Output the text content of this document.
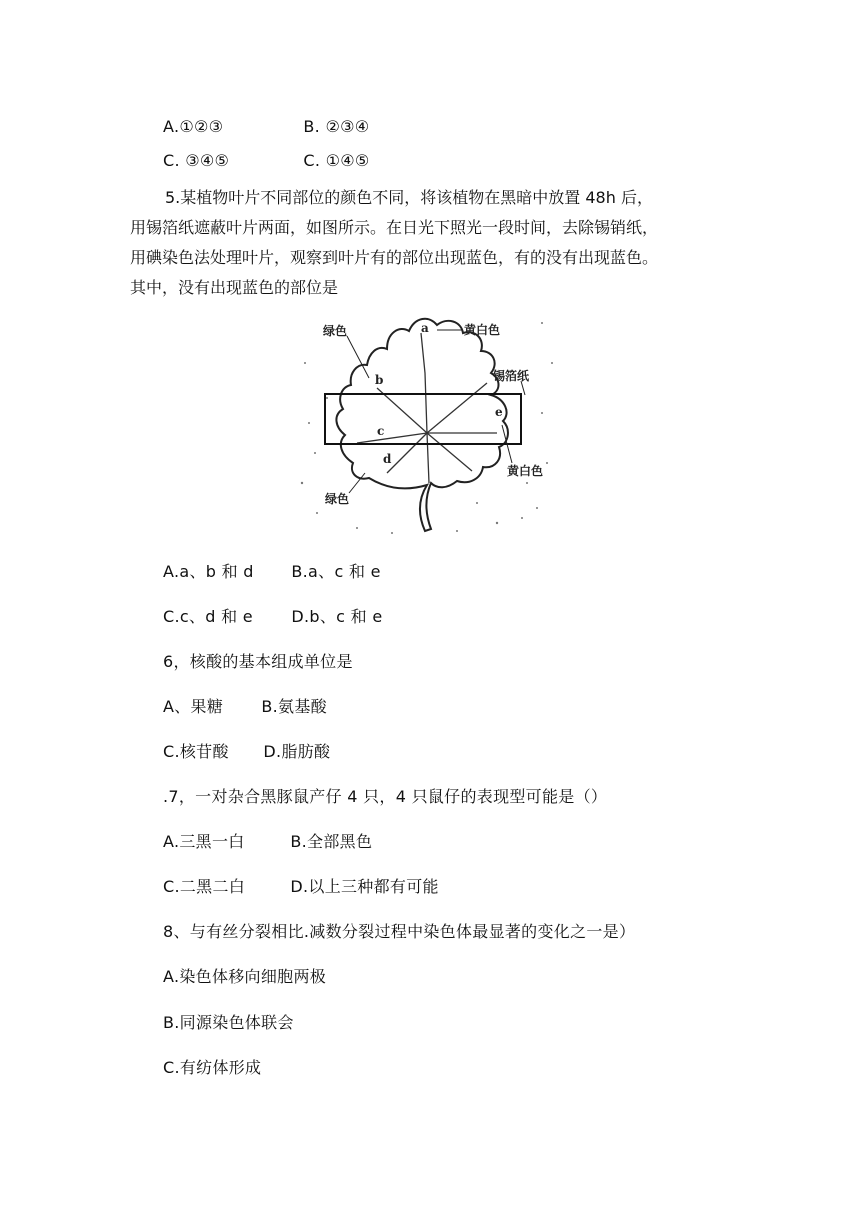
A.①②③	B. ②③④
C. ③④⑤	C. ①④⑤
5.某植物叶片不同部位的颜色不同，将该植物在黑暗中放置 48h 后，
用锡箔纸遮蔽叶片两面，如图所示。在日光下照光一段时间，去除锡销纸，
用碘染色法处理叶片，观察到叶片有的部位出现蓝色，有的没有出现蓝色。
其中，没有出现蓝色的部位是
绿色	黄白色
锡箔纸
黄白色
绿色
a
b
c
d
e
A.a、b 和 d B.a、c 和 e
C.c、d 和 e D.b、c 和 e
6，核酸的基本组成单位是
A、果糖 B.氨基酸
C.核苷酸 D.脂肪酸
.7，一对杂合黑豚鼠产仔 4 只，4 只鼠仔的表现型可能是（）
A.三黑一白	B.全部黑色
C.二黑二白	D.以上三种都有可能
8、与有丝分裂相比.减数分裂过程中染色体最显著的变化之一是）
A.染色体移向细胞两极
B.同源染色体联会
C.有纺体形成
